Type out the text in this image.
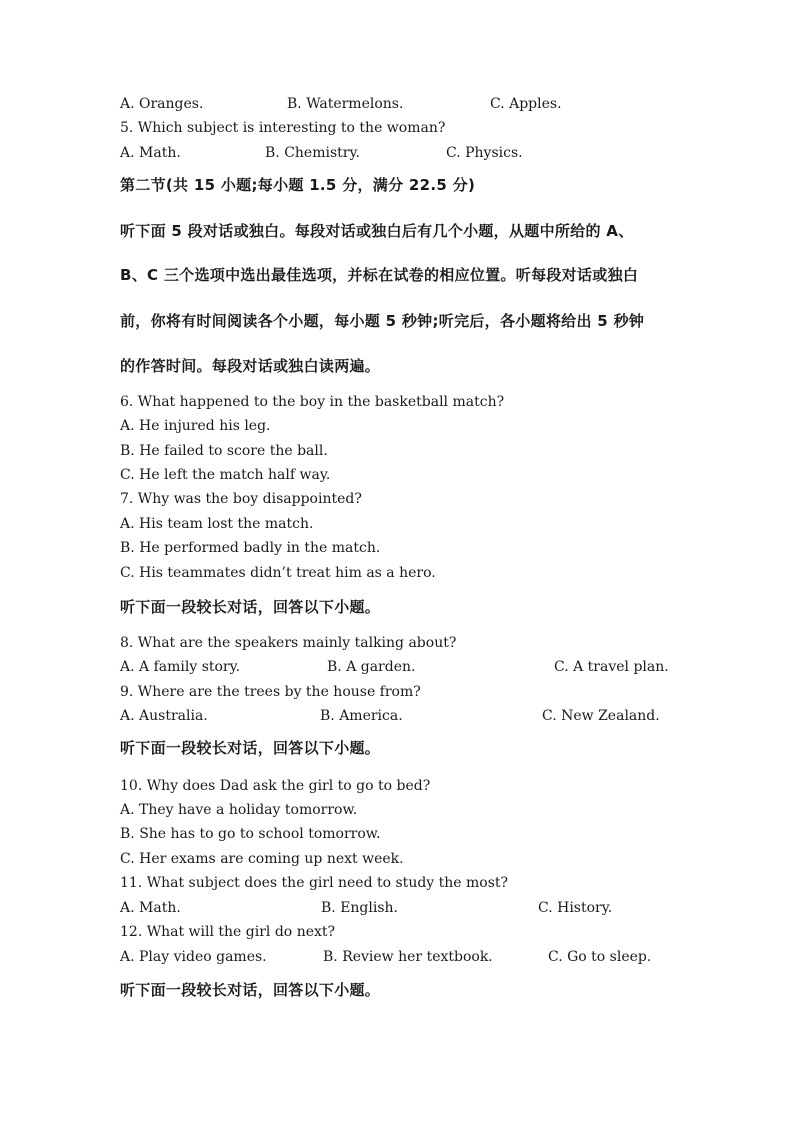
A. Oranges.	B. Watermelons.	C. Apples.
5. Which subject is interesting to the woman?
A. Math.	B. Chemistry.	C. Physics.
第二节(共 15 小题;每小题 1.5 分，满分 22.5 分)
听下面 5 段对话或独白。每段对话或独白后有几个小题，从题中所给的 A、
B、C 三个选项中选出最佳选项，并标在试卷的相应位置。听每段对话或独白
前，你将有时间阅读各个小题，每小题 5 秒钟;听完后，各小题将给出 5 秒钟
的作答时间。每段对话或独白读两遍。
6. What happened to the boy in the basketball match?
A. He injured his leg.
B. He failed to score the ball.
C. He left the match half way.
7. Why was the boy disappointed?
A. His team lost the match.
B. He performed badly in the match.
C. His teammates didn’t treat him as a hero.
听下面一段较长对话，回答以下小题。
8. What are the speakers mainly talking about?
A. A family story.	B. A garden.	C. A travel plan.
9. Where are the trees by the house from?
A. Australia.	B. America.	C. New Zealand.
听下面一段较长对话，回答以下小题。
10. Why does Dad ask the girl to go to bed?
A. They have a holiday tomorrow.
B. She has to go to school tomorrow.
C. Her exams are coming up next week.
11. What subject does the girl need to study the most?
A. Math.	B. English.	C. History.
12. What will the girl do next?
A. Play video games.	B. Review her textbook.	C. Go to sleep.
听下面一段较长对话，回答以下小题。
